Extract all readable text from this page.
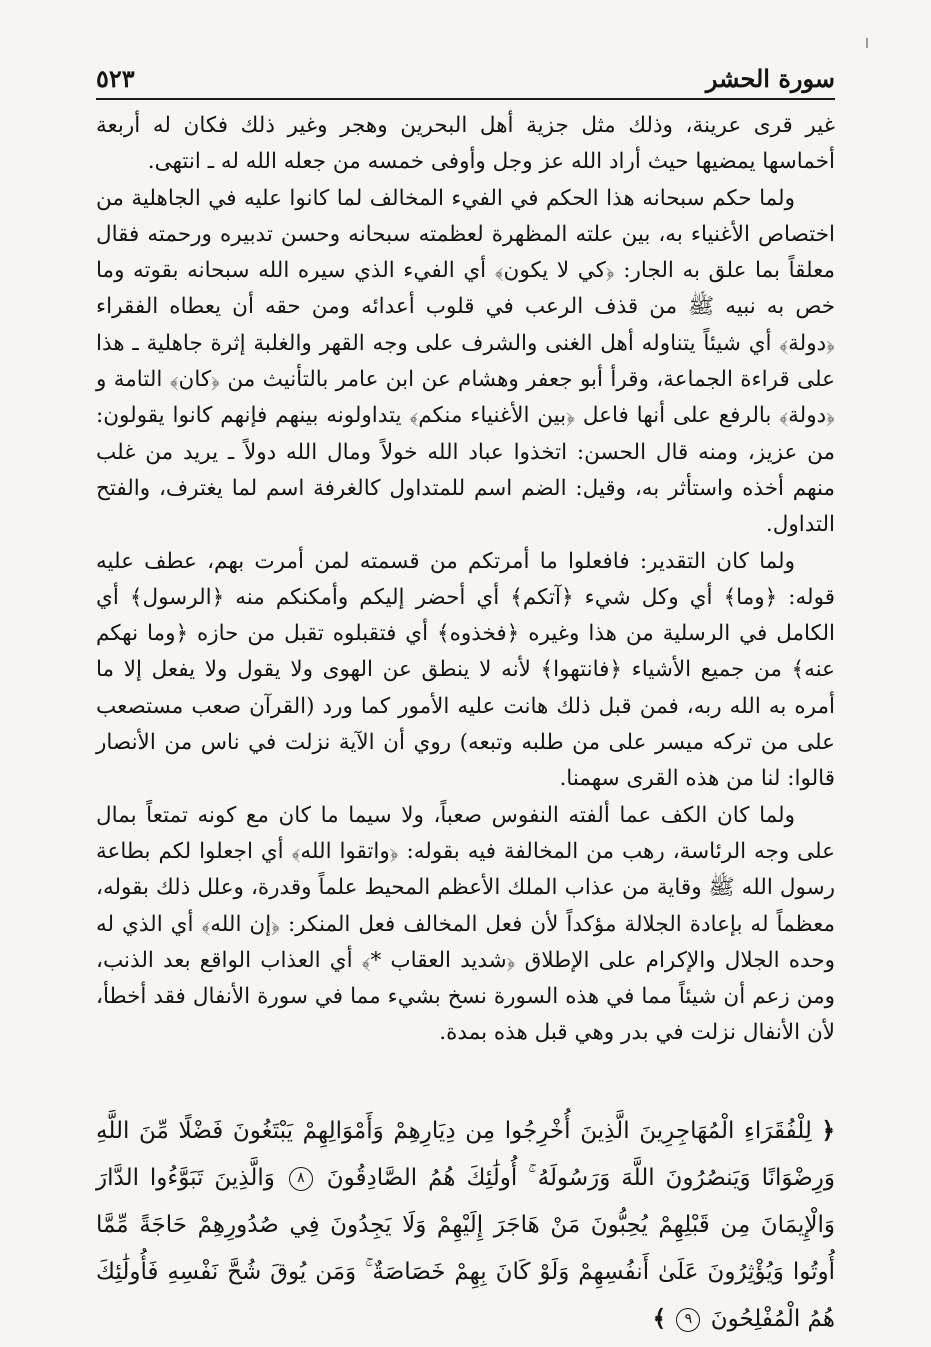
سورة الحشر
٥٢٣

غير قرى عرينة، وذلك مثل جزية أهل البحرين وهجر وغير ذلك فكان له أربعة أخماسها يمضيها حيث أراد الله عز وجل وأوفى خمسه من جعله الله له ـ انتهى.

ولما حكم سبحانه هذا الحكم في الفيء المخالف لما كانوا عليه في الجاهلية من اختصاص الأغنياء به، بين علته المظهرة لعظمته سبحانه وحسن تدبيره ورحمته فقال معلقاً بما علق به الجار: ﴿كي لا يكون﴾ أي الفيء الذي سيره الله سبحانه بقوته وما خص به نبيه ﷺ من قذف الرعب في قلوب أعدائه ومن حقه أن يعطاه الفقراء ﴿دولة﴾ أي شيئاً يتناوله أهل الغنى والشرف على وجه القهر والغلبة إثرة جاهلية ـ هذا على قراءة الجماعة، وقرأ أبو جعفر وهشام عن ابن عامر بالتأنيث من ﴿كان﴾ التامة و ﴿دولة﴾ بالرفع على أنها فاعل ﴿بين الأغنياء منكم﴾ يتداولونه بينهم فإنهم كانوا يقولون: من عزيز، ومنه قال الحسن: اتخذوا عباد الله خولاً ومال الله دولاً ـ يريد من غلب منهم أخذه واستأثر به، وقيل: الضم اسم للمتداول كالغرفة اسم لما يغترف، والفتح التداول.

ولما كان التقدير: فافعلوا ما أمرتكم من قسمته لمن أمرت بهم، عطف عليه قوله: ﴿وما﴾ أي وكل شيء ﴿آتكم﴾ أي أحضر إليكم وأمكنكم منه ﴿الرسول﴾ أي الكامل في الرسلية من هذا وغيره ﴿فخذوه﴾ أي فتقبلوه تقبل من حازه ﴿وما نهكم عنه﴾ من جميع الأشياء ﴿فانتهوا﴾ لأنه لا ينطق عن الهوى ولا يقول ولا يفعل إلا ما أمره به الله ربه، فمن قبل ذلك هانت عليه الأمور كما ورد (القرآن صعب مستصعب على من تركه ميسر على من طلبه وتبعه) روي أن الآية نزلت في ناس من الأنصار قالوا: لنا من هذه القرى سهمنا.

ولما كان الكف عما ألفته النفوس صعباً، ولا سيما ما كان مع كونه تمتعاً بمال على وجه الرئاسة، رهب من المخالفة فيه بقوله: ﴿واتقوا الله﴾ أي اجعلوا لكم بطاعة رسول الله ﷺ وقاية من عذاب الملك الأعظم المحيط علماً وقدرة، وعلل ذلك بقوله، معظماً له بإعادة الجلالة مؤكداً لأن فعل المخالف فعل المنكر: ﴿إن الله﴾ أي الذي له وحده الجلال والإكرام على الإطلاق ﴿شديد العقاب *﴾ أي العذاب الواقع بعد الذنب، ومن زعم أن شيئاً مما في هذه السورة نسخ بشيء مما في سورة الأنفال فقد أخطأ، لأن الأنفال نزلت في بدر وهي قبل هذه بمدة.

﴿ لِلْفُقَرَاءِ الْمُهَاجِرِينَ الَّذِينَ أُخْرِجُوا مِن دِيَارِهِمْ وَأَمْوَالِهِمْ يَبْتَغُونَ فَضْلًا مِّنَ اللَّهِ وَرِضْوَانًا وَيَنصُرُونَ اللَّهَ وَرَسُولَهُ ۚ أُولَٰئِكَ هُمُ الصَّادِقُونَ ٨ وَالَّذِينَ تَبَوَّءُوا الدَّارَ وَالْإِيمَانَ مِن قَبْلِهِمْ يُحِبُّونَ مَنْ هَاجَرَ إِلَيْهِمْ وَلَا يَجِدُونَ فِي صُدُورِهِمْ حَاجَةً مِّمَّا أُوتُوا وَيُؤْثِرُونَ عَلَىٰ أَنفُسِهِمْ وَلَوْ كَانَ بِهِمْ خَصَاصَةٌ ۚ وَمَن يُوقَ شُحَّ نَفْسِهِ فَأُولَٰئِكَ هُمُ الْمُفْلِحُونَ ٩ ﴾
